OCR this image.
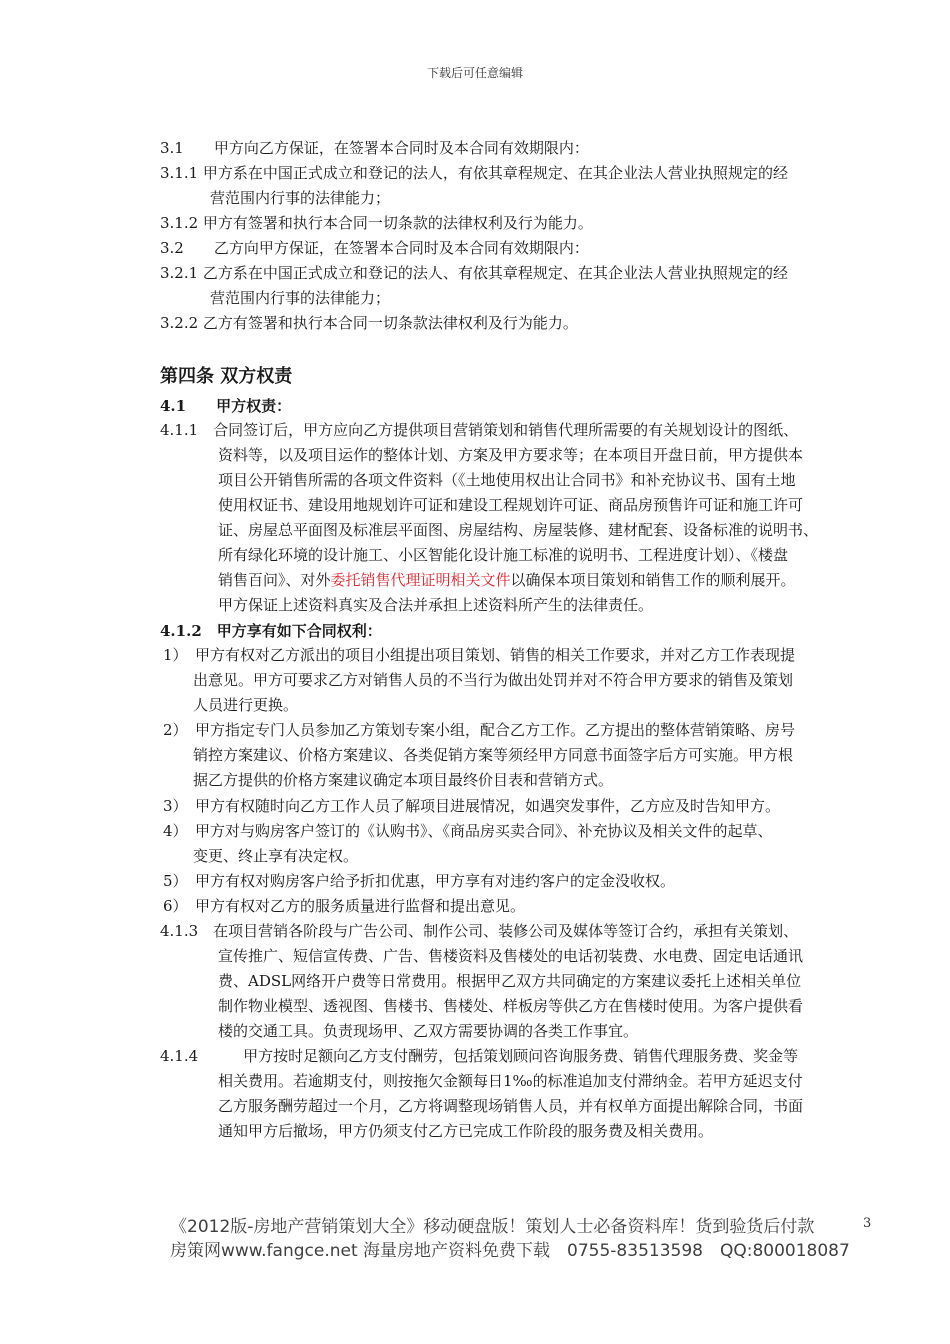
下载后可任意编辑
3.1　　甲方向乙方保证，在签署本合同时及本合同有效期限内：
3.1.1 甲方系在中国正式成立和登记的法人，有依其章程规定、在其企业法人营业执照规定的经
营范围内行事的法律能力；
3.1.2 甲方有签署和执行本合同一切条款的法律权利及行为能力。
3.2　　乙方向甲方保证，在签署本合同时及本合同有效期限内：
3.2.1 乙方系在中国正式成立和登记的法人、有依其章程规定、在其企业法人营业执照规定的经
营范围内行事的法律能力；
3.2.2 乙方有签署和执行本合同一切条款法律权利及行为能力。
第四条 双方权责
4.1　　甲方权责：
4.1.1　合同签订后，甲方应向乙方提供项目营销策划和销售代理所需要的有关规划设计的图纸、
资料等，以及项目运作的整体计划、方案及甲方要求等；在本项目开盘日前，甲方提供本
项目公开销售所需的各项文件资料（《土地使用权出让合同书》和补充协议书、国有土地
使用权证书、建设用地规划许可证和建设工程规划许可证、商品房预售许可证和施工许可
证、房屋总平面图及标准层平面图、房屋结构、房屋装修、建材配套、设备标准的说明书、
所有绿化环境的设计施工、小区智能化设计施工标准的说明书、工程进度计划）、《楼盘
销售百问》、对外委托销售代理证明相关文件以确保本项目策划和销售工作的顺利展开。
甲方保证上述资料真实及合法并承担上述资料所产生的法律责任。
4.1.2　甲方享有如下合同权利：
1）　甲方有权对乙方派出的项目小组提出项目策划、销售的相关工作要求，并对乙方工作表现提
出意见。甲方可要求乙方对销售人员的不当行为做出处罚并对不符合甲方要求的销售及策划
人员进行更换。
2）　甲方指定专门人员参加乙方策划专案小组，配合乙方工作。乙方提出的整体营销策略、房号
销控方案建议、价格方案建议、各类促销方案等须经甲方同意书面签字后方可实施。甲方根
据乙方提供的价格方案建议确定本项目最终价目表和营销方式。
3）　甲方有权随时向乙方工作人员了解项目进展情况，如遇突发事件，乙方应及时告知甲方。
4）　甲方对与购房客户签订的《认购书》、《商品房买卖合同》、补充协议及相关文件的起草、
变更、终止享有决定权。
5）　甲方有权对购房客户给予折扣优惠，甲方享有对违约客户的定金没收权。
6）　甲方有权对乙方的服务质量进行监督和提出意见。
4.1.3　在项目营销各阶段与广告公司、制作公司、装修公司及媒体等签订合约，承担有关策划、
宣传推广、短信宣传费、广告、售楼资料及售楼处的电话初装费、水电费、固定电话通讯
费、ADSL网络开户费等日常费用。根据甲乙双方共同确定的方案建议委托上述相关单位
制作物业模型、透视图、售楼书、售楼处、样板房等供乙方在售楼时使用。为客户提供看
楼的交通工具。负责现场甲、乙双方需要协调的各类工作事宜。
4.1.4　　　甲方按时足额向乙方支付酬劳，包括策划顾问咨询服务费、销售代理服务费、奖金等
相关费用。若逾期支付，则按拖欠金额每日1‰的标准追加支付滞纳金。若甲方延迟支付
乙方服务酬劳超过一个月，乙方将调整现场销售人员，并有权单方面提出解除合同，书面
通知甲方后撤场，甲方仍须支付乙方已完成工作阶段的服务费及相关费用。
《2012版-房地产营销策划大全》移动硬盘版！策划人士必备资料库！货到验货后付款
房策网www.fangce.net 海量房地产资料免费下载　0755-83513598　QQ:800018087
3
